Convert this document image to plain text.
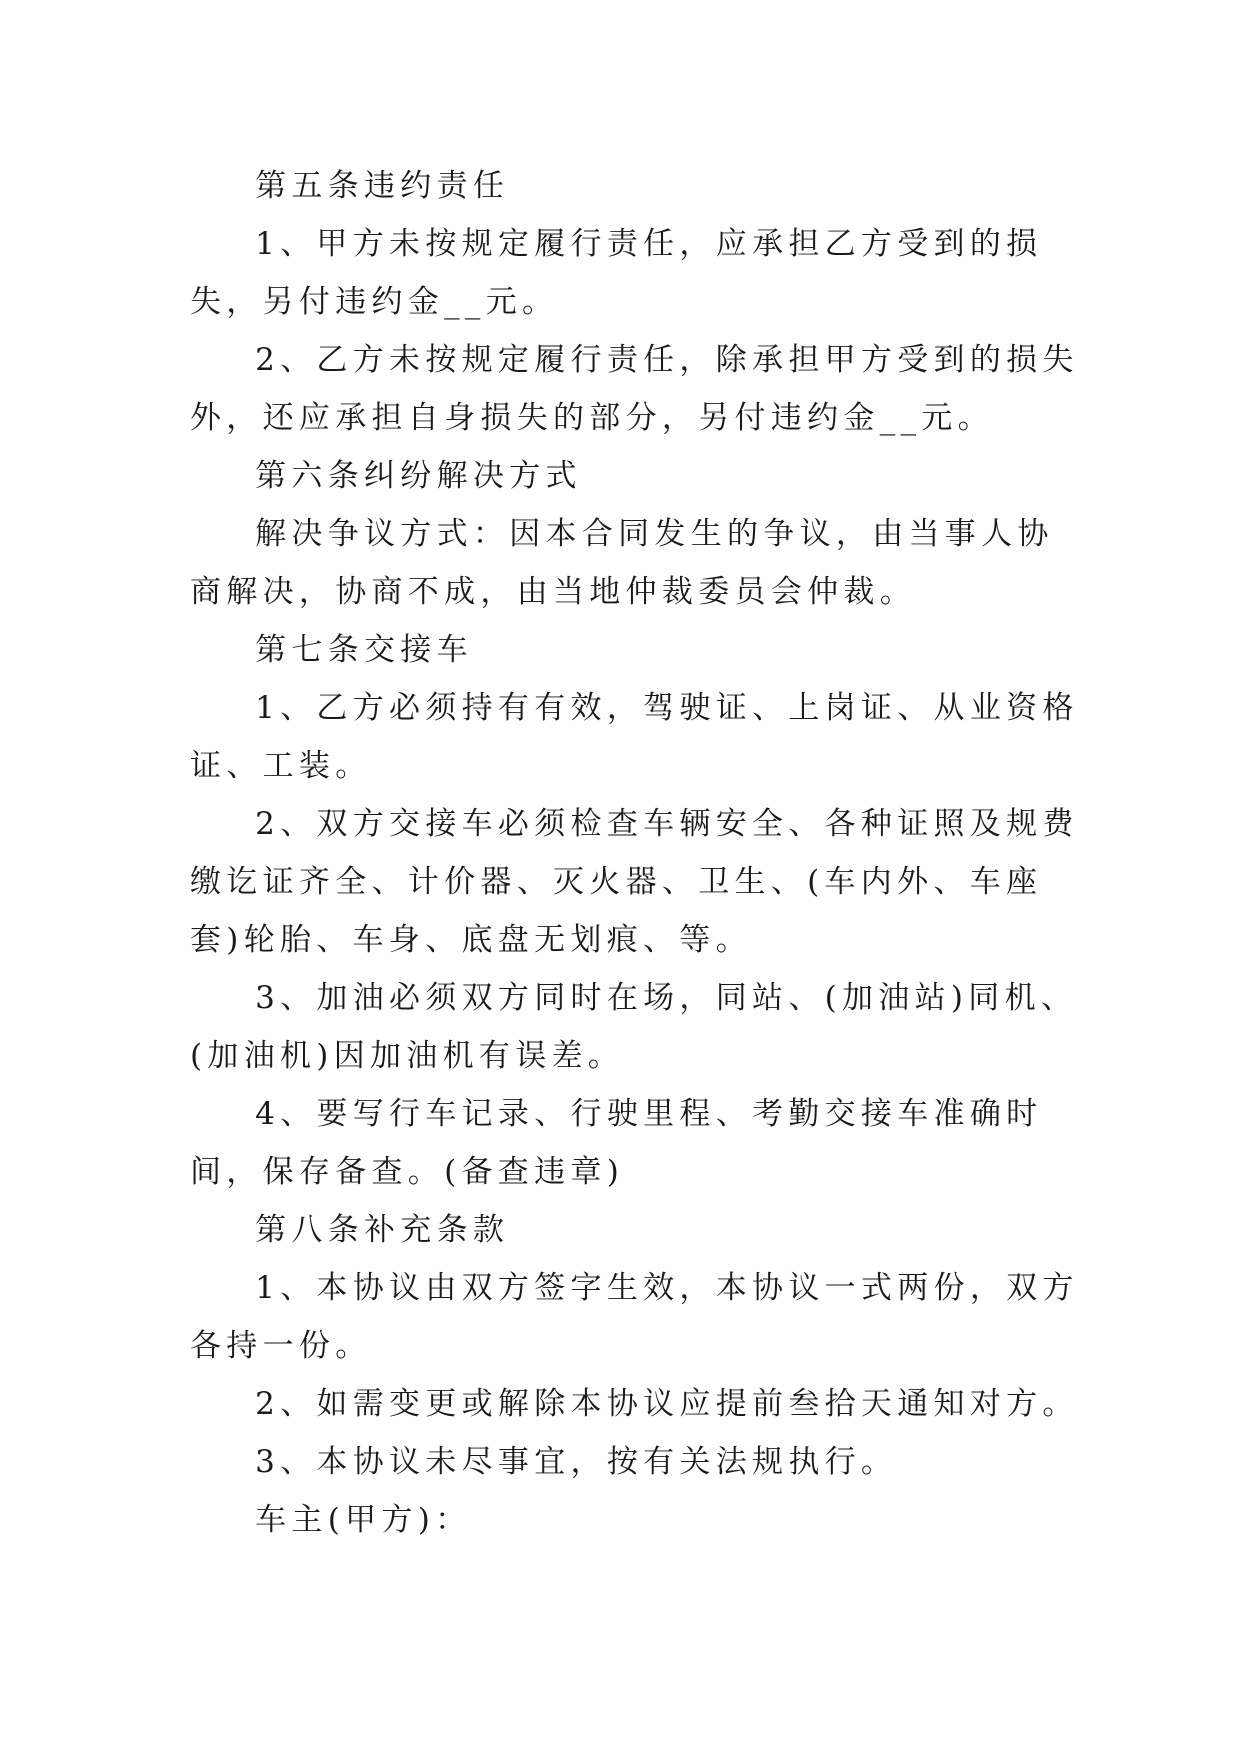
第五条违约责任

1、甲方未按规定履行责任，应承担乙方受到的损失，另付违约金__元。

2、乙方未按规定履行责任，除承担甲方受到的损失外，还应承担自身损失的部分，另付违约金__元。

第六条纠纷解决方式

解决争议方式：因本合同发生的争议，由当事人协商解决，协商不成，由当地仲裁委员会仲裁。

第七条交接车

1、乙方必须持有有效，驾驶证、上岗证、从业资格证、工装。

2、双方交接车必须检查车辆安全、各种证照及规费缴讫证齐全、计价器、灭火器、卫生、(车内外、车座套)轮胎、车身、底盘无划痕、等。

3、加油必须双方同时在场，同站、(加油站)同机、(加油机)因加油机有误差。

4、要写行车记录、行驶里程、考勤交接车准确时间，保存备查。(备查违章)

第八条补充条款

1、本协议由双方签字生效，本协议一式两份，双方各持一份。

2、如需变更或解除本协议应提前叁拾天通知对方。

3、本协议未尽事宜，按有关法规执行。

车主(甲方)：
